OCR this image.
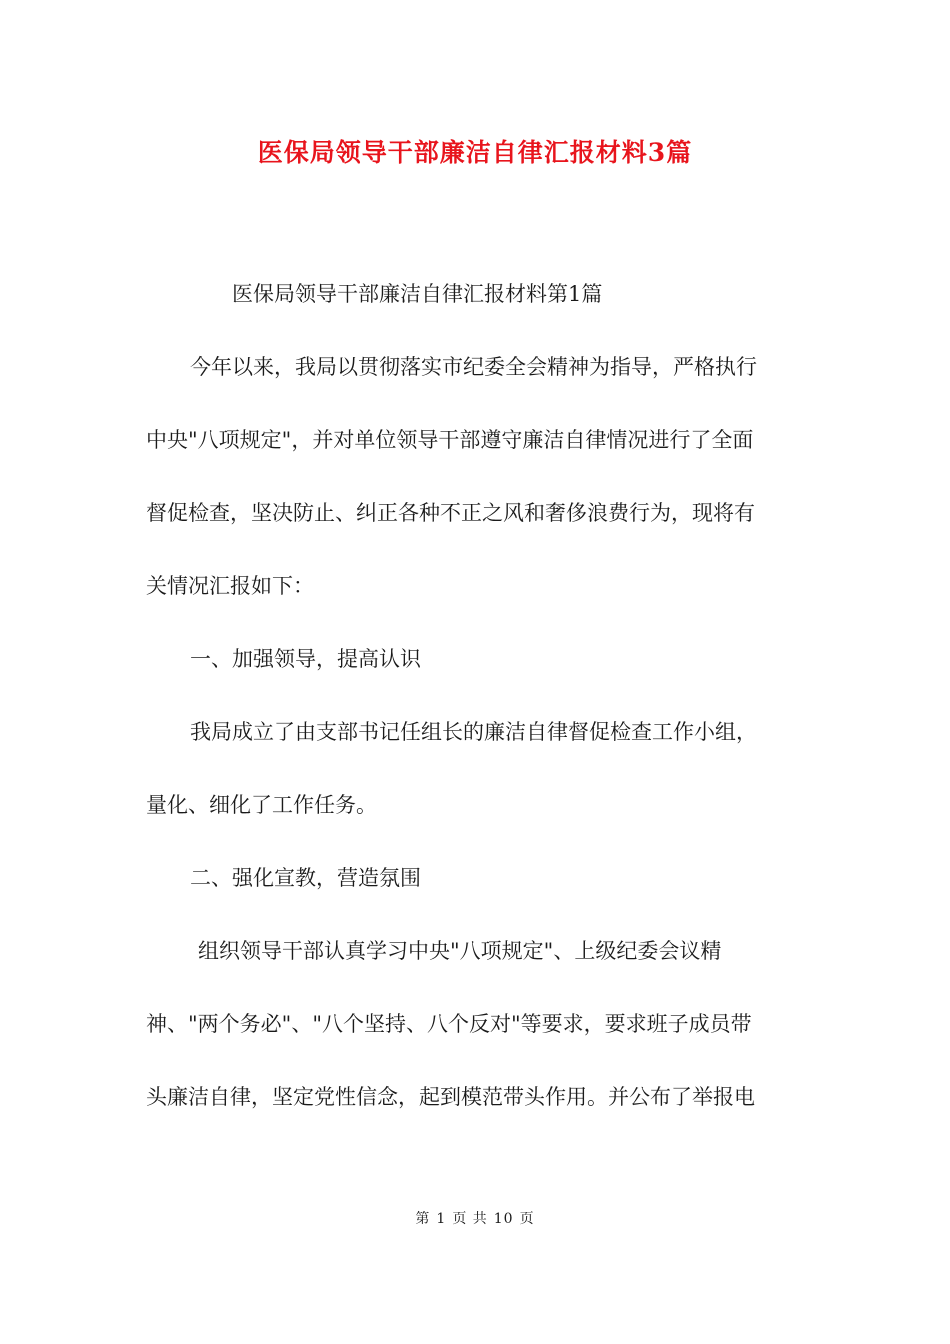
医保局领导干部廉洁自律汇报材料3篇
医保局领导干部廉洁自律汇报材料第1篇
今年以来，我局以贯彻落实市纪委全会精神为指导，严格执行
中央"八项规定"，并对单位领导干部遵守廉洁自律情况进行了全面
督促检查，坚决防止、纠正各种不正之风和奢侈浪费行为，现将有
关情况汇报如下：
一、加强领导，提高认识
我局成立了由支部书记任组长的廉洁自律督促检查工作小组，
量化、细化了工作任务。
二、强化宣教，营造氛围
组织领导干部认真学习中央"八项规定"、上级纪委会议精
神、"两个务必"、"八个坚持、八个反对"等要求，要求班子成员带
头廉洁自律，坚定党性信念，起到模范带头作用。并公布了举报电
第 1 页 共 10 页
